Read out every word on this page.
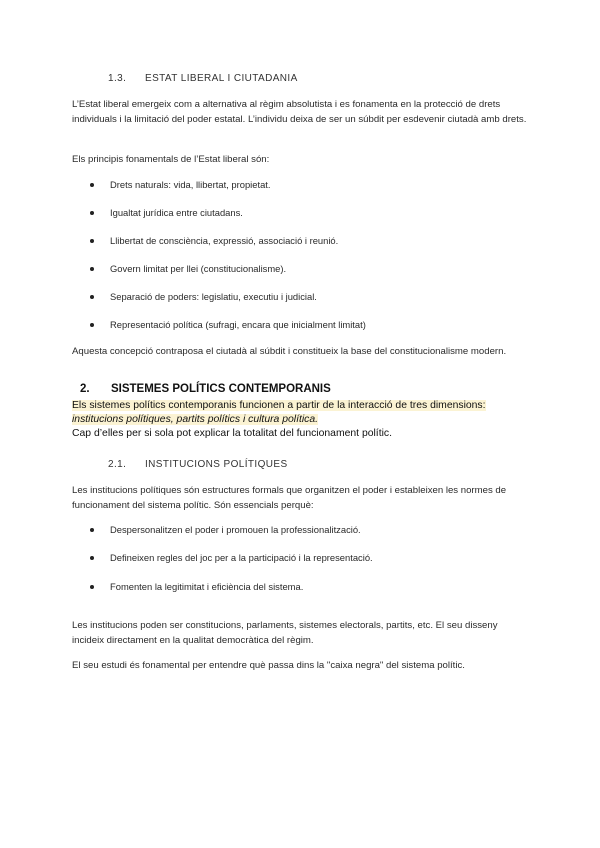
1.3. ESTAT LIBERAL I CIUTADANIA
L’Estat liberal emergeix com a alternativa al règim absolutista i es fonamenta en la protecció de drets individuals i la limitació del poder estatal. L’individu deixa de ser un súbdit per esdevenir ciutadà amb drets.
Els principis fonamentals de l’Estat liberal són:
Drets naturals: vida, llibertat, propietat.
Igualtat jurídica entre ciutadans.
Llibertat de consciència, expressió, associació i reunió.
Govern limitat per llei (constitucionalisme).
Separació de poders: legislatiu, executiu i judicial.
Representació política (sufragi, encara que inicialment limitat)
Aquesta concepció contraposa el ciutadà al súbdit i constitueix la base del constitucionalisme modern.
2. SISTEMES POLÍTICS CONTEMPORANIS
Els sistemes polítics contemporanis funcionen a partir de la interacció de tres dimensions:
institucions polítiques, partits polítics i cultura política.
Cap d’elles per si sola pot explicar la totalitat del funcionament polític.
2.1. INSTITUCIONS POLÍTIQUES
Les institucions polítiques són estructures formals que organitzen el poder i estableixen les normes de funcionament del sistema polític. Són essencials perquè:
Despersonalitzen el poder i promouen la professionalització.
Defineixen regles del joc per a la participació i la representació.
Fomenten la legitimitat i eficiència del sistema.
Les institucions poden ser constitucions, parlaments, sistemes electorals, partits, etc. El seu disseny incideix directament en la qualitat democràtica del règim.
El seu estudi és fonamental per entendre què passa dins la "caixa negra" del sistema polític.
